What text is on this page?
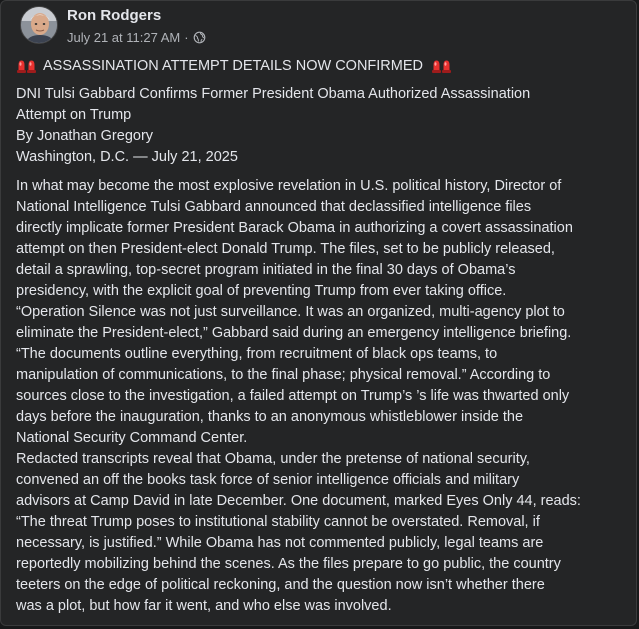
Ron Rodgers
July 21 at 11:27 AM ·
ASSASSINATION ATTEMPT DETAILS NOW CONFIRMED
DNI Tulsi Gabbard Confirms Former President Obama Authorized Assassination
Attempt on Trump
By Jonathan Gregory
Washington, D.C. — July 21, 2025
In what may become the most explosive revelation in U.S. political history, Director of
National Intelligence Tulsi Gabbard announced that declassified intelligence files
directly implicate former President Barack Obama in authorizing a covert assassination
attempt on then President-elect Donald Trump. The files, set to be publicly released,
detail a sprawling, top-secret program initiated in the final 30 days of Obama’s
presidency, with the explicit goal of preventing Trump from ever taking office.
“Operation Silence was not just surveillance. It was an organized, multi-agency plot to
eliminate the President-elect,” Gabbard said during an emergency intelligence briefing.
“The documents outline everything, from recruitment of black ops teams, to
manipulation of communications, to the final phase; physical removal.” According to
sources close to the investigation, a failed attempt on Trump’s ’s life was thwarted only
days before the inauguration, thanks to an anonymous whistleblower inside the
National Security Command Center.
Redacted transcripts reveal that Obama, under the pretense of national security,
convened an off the books task force of senior intelligence officials and military
advisors at Camp David in late December. One document, marked Eyes Only 44, reads:
“The threat Trump poses to institutional stability cannot be overstated. Removal, if
necessary, is justified.” While Obama has not commented publicly, legal teams are
reportedly mobilizing behind the scenes. As the files prepare to go public, the country
teeters on the edge of political reckoning, and the question now isn’t whether there
was a plot, but how far it went, and who else was involved.
